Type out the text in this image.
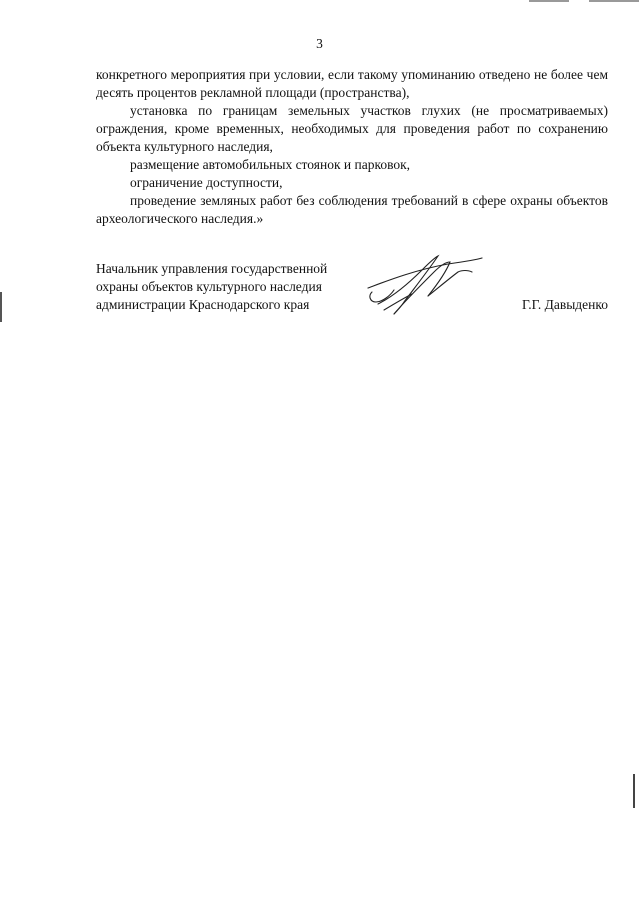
3

конкретного мероприятия при условии, если такому упоминанию отведено не более чем десять процентов рекламной площади (пространства),

установка по границам земельных участков глухих (не просматриваемых) ограждения, кроме временных, необходимых для проведения работ по сохранению объекта культурного наследия,

размещение автомобильных стоянок и парковок,

ограничение доступности,

проведение земляных работ без соблюдения требований в сфере охраны объектов археологического наследия.»

Начальник управления государственной
охраны объектов культурного наследия
администрации Краснодарского края	Г.Г. Давыденко
